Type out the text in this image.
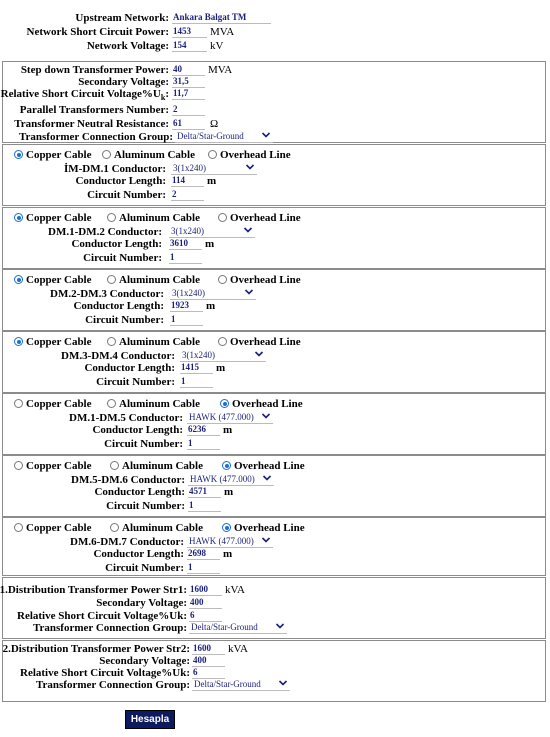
Upstream Network:
Ankara Balgat TM
Network Short Circuit Power:
1453	MVA
Network Voltage:
154	kV
Step down Transformer Power:
40	MVA
Secondary Voltage:
31,5
Relative Short Circuit $Voltage\%U_k$:
11,7
Parallel Transformers Number:
2
Transformer Neutral Resistance:
61	Ω
Transformer Connection Group: Delta/Star-Ground
Copper Cable	Aluminum Cable	Overhead Line
İM-DM.1 Conductor: 3(1x240)
Conductor Length:
114	m
Circuit Number:
2
Copper Cable	Aluminum Cable	Overhead Line
DM.1-DM.2 Conductor: 3(1x240)
Conductor Length:
3610	m
Circuit Number:
1
Copper Cable	Aluminum Cable	Overhead Line
DM.2-DM.3 Conductor: 3(1x240)
Conductor Length:
1923	m
Circuit Number:
1
Copper Cable	Aluminum Cable	Overhead Line
DM.3-DM.4 Conductor: 3(1x240)
Conductor Length:
1415	m
Circuit Number:
1
Copper Cable	Aluminum Cable	Overhead Line
DM.1-DM.5 Conductor: HAWK (477.000)
Conductor Length:
6236	m
Circuit Number:
1
Copper Cable	Aluminum Cable	Overhead Line
DM.5-DM.6 Conductor: HAWK (477.000)
Conductor Length:
4571	m
Circuit Number:
1
Copper Cable	Aluminum Cable	Overhead Line
DM.6-DM.7 Conductor: HAWK (477.000)
Conductor Length:
2698	m
Circuit Number:
1
1.Distribution Transformer Power Str1:
1600	kVA
Secondary Voltage:
400
Relative Short Circuit Voltage%Uk:
6
Transformer Connection Group: Delta/Star-Ground
2.Distribution Transformer Power Str2:
1600	kVA
Secondary Voltage:
400
Relative Short Circuit Voltage%Uk:
6
Transformer Connection Group: Delta/Star-Ground
Hesapla
